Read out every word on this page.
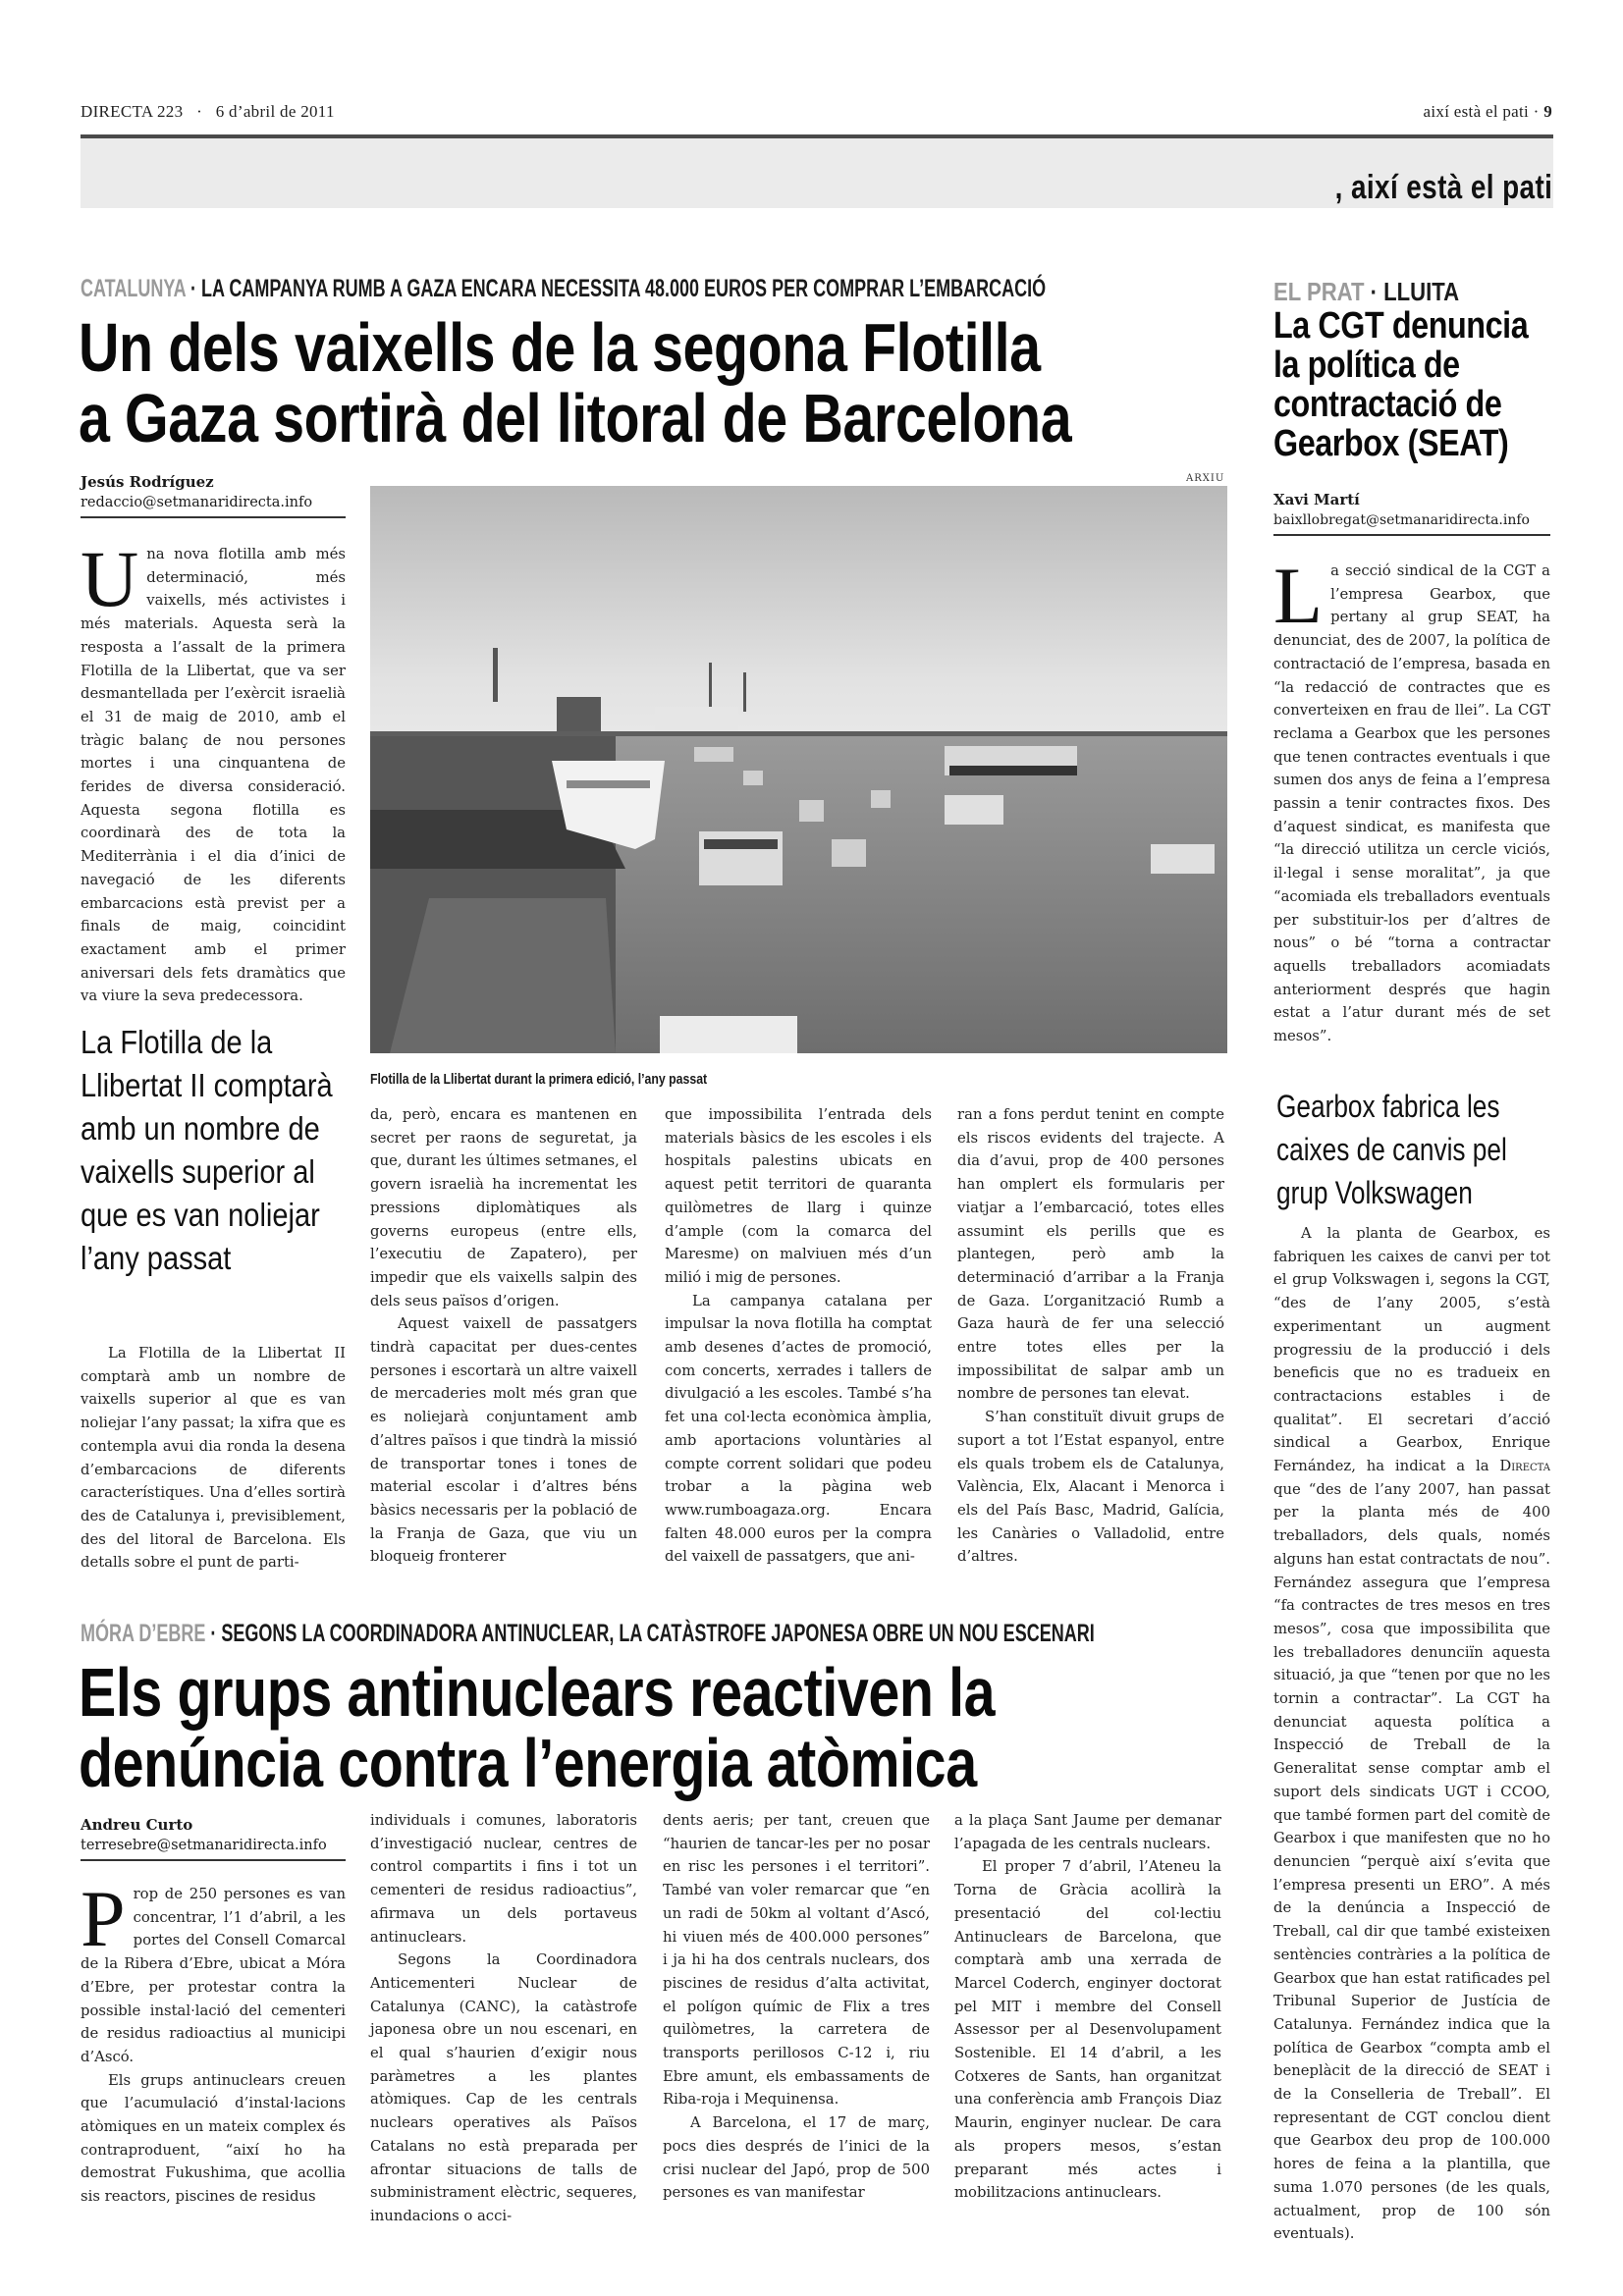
DIRECTA 223 · 6 d’abril de 2011	així està el pati · 9
, així està el pati
CATALUNYA · LA CAMPANYA RUMB A GAZA ENCARA NECESSITA 48.000 EUROS PER COMPRAR L’EMBARCACIÓ
Un dels vaixells de la segona Flotilla
a Gaza sortirà del litoral de Barcelona
Jesús Rodríguez
redaccio@setmanaridirecta.info

Una nova flotilla amb més determinació, més vaixells, més activistes i més materials. Aquesta serà la resposta a l’assalt de la primera Flotilla de la Llibertat, que va ser desmantellada per l’exèrcit israelià el 31 de maig de 2010, amb el tràgic balanç de nou persones mortes i una cinquantena de ferides de diversa consideració. Aquesta segona flotilla es coordinarà des de tota la Mediterrània i el dia d’inici de navegació de les diferents embarcacions està previst per a finals de maig, coincidint exactament amb el primer aniversari dels fets dramàtics que va viure la seva predecessora.

La Flotilla de la Llibertat II comptarà amb un nombre de vaixells superior al que es van noliejar l’any passat

La Flotilla de la Llibertat II comptarà amb un nombre de vaixells superior al que es van noliejar l’any passat; la xifra que es contempla avui dia ronda la desena d’embarcacions de diferents característiques. Una d’elles sortirà des de Catalunya i, previsiblement, des del litoral de Barcelona. Els detalls sobre el punt de parti-

ARXIU
Flotilla de la Llibertat durant la primera edició, l’any passat

da, però, encara es mantenen en secret per raons de seguretat, ja que, durant les últimes setmanes, el govern israelià ha incrementat les pressions diplomàtiques als governs europeus (entre ells, l’executiu de Zapatero), per impedir que els vaixells salpin des dels seus països d’origen.

Aquest vaixell de passatgers tindrà capacitat per dues-centes persones i escortarà un altre vaixell de mercaderies molt més gran que es noliejarà conjuntament amb d’altres països i que tindrà la missió de transportar tones i tones de material escolar i d’altres béns bàsics necessaris per la població de la Franja de Gaza, que viu un bloqueig fronterer

que impossibilita l’entrada dels materials bàsics de les escoles i els hospitals palestins ubicats en aquest petit territori de quaranta quilòmetres de llarg i quinze d’ample (com la comarca del Maresme) on malviuen més d’un milió i mig de persones.

La campanya catalana per impulsar la nova flotilla ha comptat amb desenes d’actes de promoció, com concerts, xerrades i tallers de divulgació a les escoles. També s’ha fet una col·lecta econòmica àmplia, amb aportacions voluntàries al compte corrent solidari que podeu trobar a la pàgina web www.rumboagaza.org. Encara falten 48.000 euros per la compra del vaixell de passatgers, que ani-

ran a fons perdut tenint en compte els riscos evidents del trajecte. A dia d’avui, prop de 400 persones han omplert els formularis per viatjar a l’embarcació, totes elles assumint els perills que es plantegen, però amb la determinació d’arribar a la Franja de Gaza. L’organització Rumb a Gaza haurà de fer una selecció entre totes elles per la impossibilitat de salpar amb un nombre de persones tan elevat.

S’han constituït divuit grups de suport a tot l’Estat espanyol, entre els quals trobem els de Catalunya, València, Elx, Alacant i Menorca i els del País Basc, Madrid, Galícia, les Canàries o Valladolid, entre d’altres.

EL PRAT · LLUITA
La CGT denuncia
la política de
contractació de
Gearbox (SEAT)
Xavi Martí
baixllobregat@setmanaridirecta.info

La secció sindical de la CGT a l’empresa Gearbox, que pertany al grup SEAT, ha denunciat, des de 2007, la política de contractació de l’empresa, basada en “la redacció de contractes que es converteixen en frau de llei”. La CGT reclama a Gearbox que les persones que tenen contractes eventuals i que sumen dos anys de feina a l’empresa passin a tenir contractes fixos. Des d’aquest sindicat, es manifesta que “la direcció utilitza un cercle viciós, il·legal i sense moralitat”, ja que “acomiada els treballadors eventuals per substituir-los per d’altres de nous” o bé “torna a contractar aquells treballadors acomiadats anteriorment després que hagin estat a l’atur durant més de set mesos”.

Gearbox fabrica les
caixes de canvis pel
grup Volkswagen

A la planta de Gearbox, es fabriquen les caixes de canvi per tot el grup Volkswagen i, segons la CGT, “des de l’any 2005, s’està experimentant un augment progressiu de la producció i dels beneficis que no es tradueix en contractacions estables i de qualitat”. El secretari d’acció sindical a Gearbox, Enrique Fernández, ha indicat a la Directa que “des de l’any 2007, han passat per la planta més de 400 treballadors, dels quals, només alguns han estat contractats de nou”. Fernández assegura que l’empresa “fa contractes de tres mesos en tres mesos”, cosa que impossibilita que les treballadores denunciïn aquesta situació, ja que “tenen por que no les tornin a contractar”. La CGT ha denunciat aquesta política a Inspecció de Treball de la Generalitat sense comptar amb el suport dels sindicats UGT i CCOO, que també formen part del comitè de Gearbox i que manifesten que no ho denuncien “perquè així s’evita que l’empresa presenti un ERO”. A més de la denúncia a Inspecció de Treball, cal dir que també existeixen sentències contràries a la política de Gearbox que han estat ratificades pel Tribunal Superior de Justícia de Catalunya. Fernández indica que la política de Gearbox “compta amb el beneplàcit de la direcció de SEAT i de la Conselleria de Treball”. El representant de CGT conclou dient que Gearbox deu prop de 100.000 hores de feina a la plantilla, que suma 1.070 persones (de les quals, actualment, prop de 100 són eventuals).

MÓRA D’EBRE · SEGONS LA COORDINADORA ANTINUCLEAR, LA CATÀSTROFE JAPONESA OBRE UN NOU ESCENARI
Els grups antinuclears reactiven la
denúncia contra l’energia atòmica
Andreu Curto
terresebre@setmanaridirecta.info

Prop de 250 persones es van concentrar, l’1 d’abril, a les portes del Consell Comarcal de la Ribera d’Ebre, ubicat a Móra d’Ebre, per protestar contra la possible instal·lació del cementeri de residus radioactius al municipi d’Ascó.

Els grups antinuclears creuen que l’acumulació d’instal·lacions atòmiques en un mateix complex és contraproduent, “així ho ha demostrat Fukushima, que acollia sis reactors, piscines de residus

individuals i comunes, laboratoris d’investigació nuclear, centres de control compartits i fins i tot un cementeri de residus radioactius”, afirmava un dels portaveus antinuclears.

Segons la Coordinadora Anticementeri Nuclear de Catalunya (CANC), la catàstrofe japonesa obre un nou escenari, en el qual s’haurien d’exigir nous paràmetres a les plantes atòmiques. Cap de les centrals nuclears operatives als Països Catalans no està preparada per afrontar situacions de talls de subministrament elèctric, sequeres, inundacions o acci-

dents aeris; per tant, creuen que “haurien de tancar-les per no posar en risc les persones i el territori”. També van voler remarcar que “en un radi de 50km al voltant d’Ascó, hi viuen més de 400.000 persones” i ja hi ha dos centrals nuclears, dos piscines de residus d’alta activitat, el polígon químic de Flix a tres quilòmetres, la carretera de transports perillosos C-12 i, riu Ebre amunt, els embassaments de Riba-roja i Mequinensa.

A Barcelona, el 17 de març, pocs dies després de l’inici de la crisi nuclear del Japó, prop de 500 persones es van manifestar

a la plaça Sant Jaume per demanar l’apagada de les centrals nuclears.

El proper 7 d’abril, l’Ateneu la Torna de Gràcia acollirà la presentació del col·lectiu Antinuclears de Barcelona, que comptarà amb una xerrada de Marcel Coderch, enginyer doctorat pel MIT i membre del Consell Assessor per al Desenvolupament Sostenible. El 14 d’abril, a les Cotxeres de Sants, han organitzat una conferència amb François Diaz Maurin, enginyer nuclear. De cara als propers mesos, s’estan preparant més actes i mobilitzacions antinuclears.
